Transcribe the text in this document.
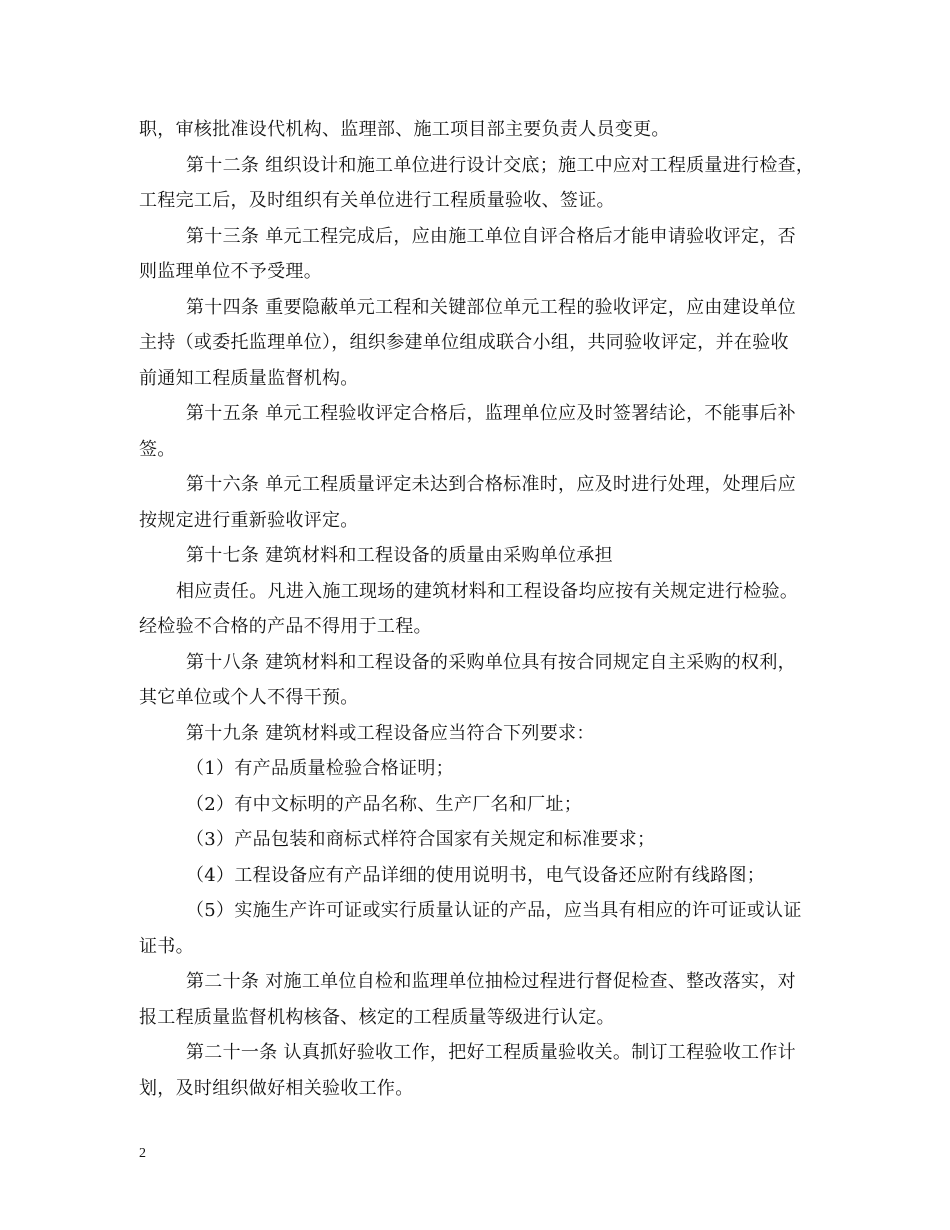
职，审核批准设代机构、监理部、施工项目部主要负责人员变更。
第十二条 组织设计和施工单位进行设计交底；施工中应对工程质量进行检查，
工程完工后，及时组织有关单位进行工程质量验收、签证。
第十三条 单元工程完成后，应由施工单位自评合格后才能申请验收评定，否
则监理单位不予受理。
第十四条 重要隐蔽单元工程和关键部位单元工程的验收评定，应由建设单位
主持（或委托监理单位），组织参建单位组成联合小组，共同验收评定，并在验收
前通知工程质量监督机构。
第十五条 单元工程验收评定合格后，监理单位应及时签署结论，不能事后补
签。
第十六条 单元工程质量评定未达到合格标准时，应及时进行处理，处理后应
按规定进行重新验收评定。
第十七条 建筑材料和工程设备的质量由采购单位承担
相应责任。凡进入施工现场的建筑材料和工程设备均应按有关规定进行检验。
经检验不合格的产品不得用于工程。
第十八条 建筑材料和工程设备的采购单位具有按合同规定自主采购的权利，
其它单位或个人不得干预。
第十九条 建筑材料或工程设备应当符合下列要求：
（1）有产品质量检验合格证明；
（2）有中文标明的产品名称、生产厂名和厂址；
（3）产品包装和商标式样符合国家有关规定和标准要求；
（4）工程设备应有产品详细的使用说明书，电气设备还应附有线路图；
（5）实施生产许可证或实行质量认证的产品，应当具有相应的许可证或认证
证书。
第二十条 对施工单位自检和监理单位抽检过程进行督促检查、整改落实，对
报工程质量监督机构核备、核定的工程质量等级进行认定。
第二十一条 认真抓好验收工作，把好工程质量验收关。制订工程验收工作计
划，及时组织做好相关验收工作。
2
